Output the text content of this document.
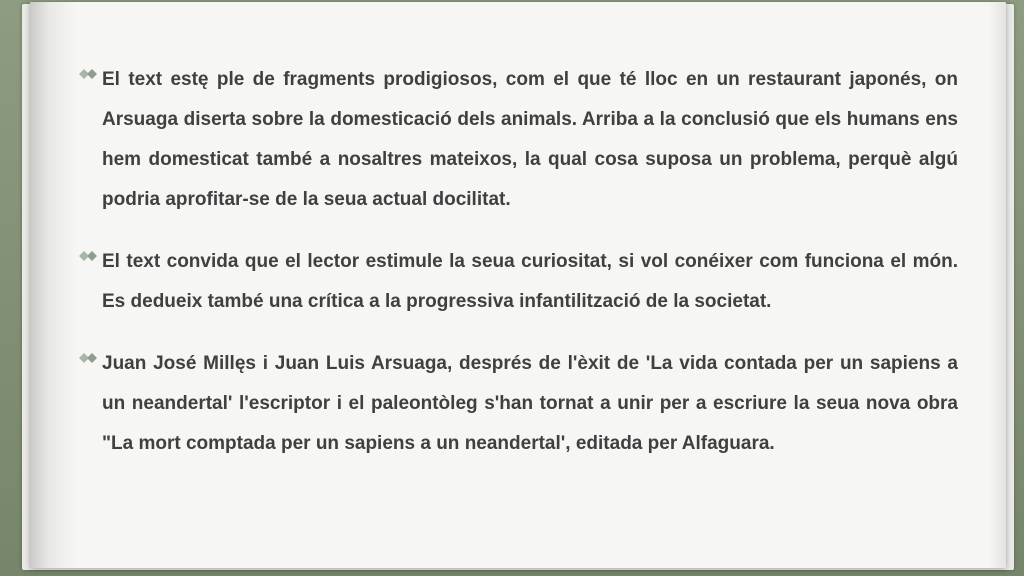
El text estę ple de fragments prodigiosos, com el que té lloc en un restaurant japonés, on Arsuaga diserta sobre la domesticació dels animals. Arriba a la conclusió que els humans ens hem domesticat també a nosaltres mateixos, la qual cosa suposa un problema, perquè algú podria aprofitar-se de la seua actual docilitat.

El text convida que el lector estimule la seua curiositat, si vol conéixer com funciona el món. Es dedueix també una crítica a la progressiva infantilització de la societat.

Juan José Millęs i Juan Luis Arsuaga, després de l'èxit de 'La vida contada per un sapiens a un neandertal' l'escriptor i el paleontòleg s'han tornat a unir per a escriure la seua nova obra "La mort comptada per un sapiens a un neandertal', editada per Alfaguara.
